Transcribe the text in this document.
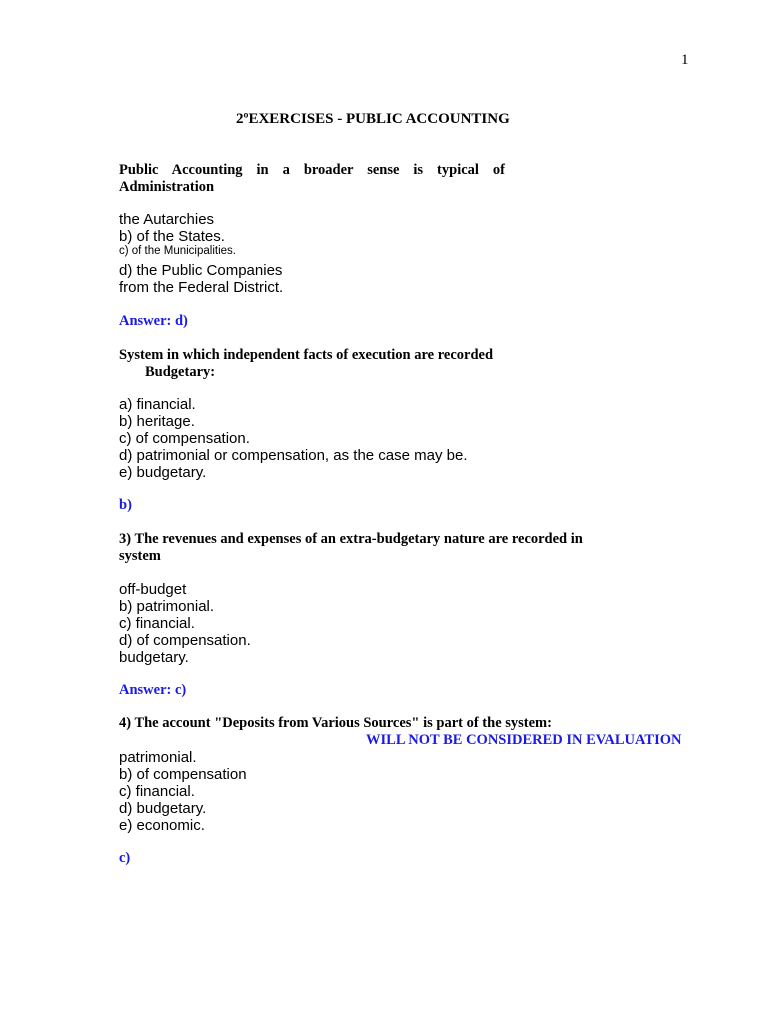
1
2ºEXERCISES - PUBLIC ACCOUNTING
Public Accounting in a broader sense is typical of Administration
the Autarchies
b) of the States.
c) of the Municipalities.
d) the Public Companies
from the Federal District.
Answer: d)
System in which independent facts of execution are recorded
Budgetary:
a) financial.
b) heritage.
c) of compensation.
d) patrimonial or compensation, as the case may be.
e) budgetary.
b)
3) The revenues and expenses of an extra-budgetary nature are recorded in
system
off-budget
b) patrimonial.
c) financial.
d) of compensation.
budgetary.
Answer: c)
4) The account "Deposits from Various Sources" is part of the system:
WILL NOT BE CONSIDERED IN EVALUATION
patrimonial.
b) of compensation
c) financial.
d) budgetary.
e) economic.
c)
